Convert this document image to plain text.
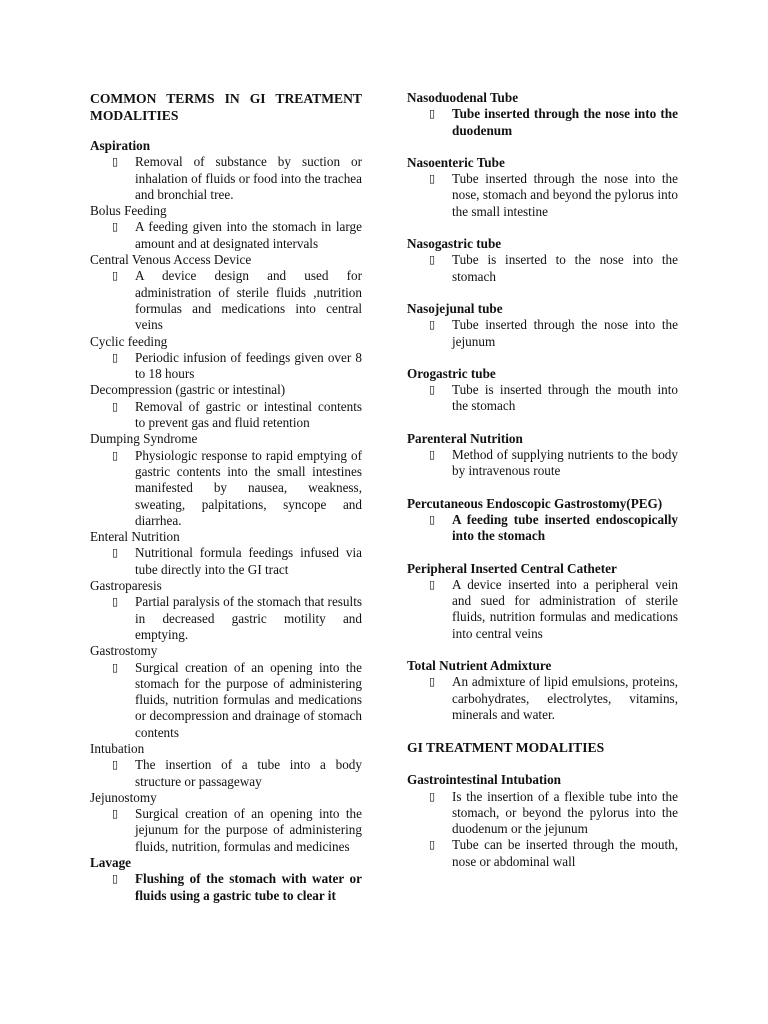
COMMON TERMS IN GI TREATMENT MODALITIES
Aspiration
▯ Removal of substance by suction or inhalation of fluids or food into the trachea and bronchial tree.
Bolus Feeding
▯ A feeding given into the stomach in large amount and at designated intervals
Central Venous Access Device
▯ A device design and used for administration of sterile fluids ,nutrition formulas and medications into central veins
Cyclic feeding
▯ Periodic infusion of feedings given over 8 to 18 hours
Decompression (gastric or intestinal)
▯ Removal of gastric or intestinal contents to prevent gas and fluid retention
Dumping Syndrome
▯ Physiologic response to rapid emptying of gastric contents into the small intestines manifested by nausea, weakness, sweating, palpitations, syncope and diarrhea.
Enteral Nutrition
▯ Nutritional formula feedings infused via tube directly into the GI tract
Gastroparesis
▯ Partial paralysis of the stomach that results in decreased gastric motility and emptying.
Gastrostomy
▯ Surgical creation of an opening into the stomach for the purpose of administering fluids, nutrition formulas and medications or decompression and drainage of stomach contents
Intubation
▯ The insertion of a tube into a body structure or passageway
Jejunostomy
▯ Surgical creation of an opening into the jejunum for the purpose of administering fluids, nutrition, formulas and medicines
Lavage
▯ Flushing of the stomach with water or fluids using a gastric tube to clear it
Nasoduodenal Tube
▯ Tube inserted through the nose into the duodenum
Nasoenteric Tube
▯ Tube inserted through the nose into the nose, stomach and beyond the pylorus into the small intestine
Nasogastric tube
▯ Tube is inserted to the nose into the stomach
Nasojejunal tube
▯ Tube inserted through the nose into the jejunum
Orogastric tube
▯ Tube is inserted through the mouth into the stomach
Parenteral Nutrition
▯ Method of supplying nutrients to the body by intravenous route
Percutaneous Endoscopic Gastrostomy(PEG)
▯ A feeding tube inserted endoscopically into the stomach
Peripheral Inserted Central Catheter
▯ A device inserted into a peripheral vein and sued for administration of sterile fluids, nutrition formulas and medications into central veins
Total Nutrient Admixture
▯ An admixture of lipid emulsions, proteins, carbohydrates, electrolytes, vitamins, minerals and water.
GI TREATMENT MODALITIES
Gastrointestinal Intubation
▯ Is the insertion of a flexible tube into the stomach, or beyond the pylorus into the duodenum or the jejunum
▯ Tube can be inserted through the mouth, nose or abdominal wall
